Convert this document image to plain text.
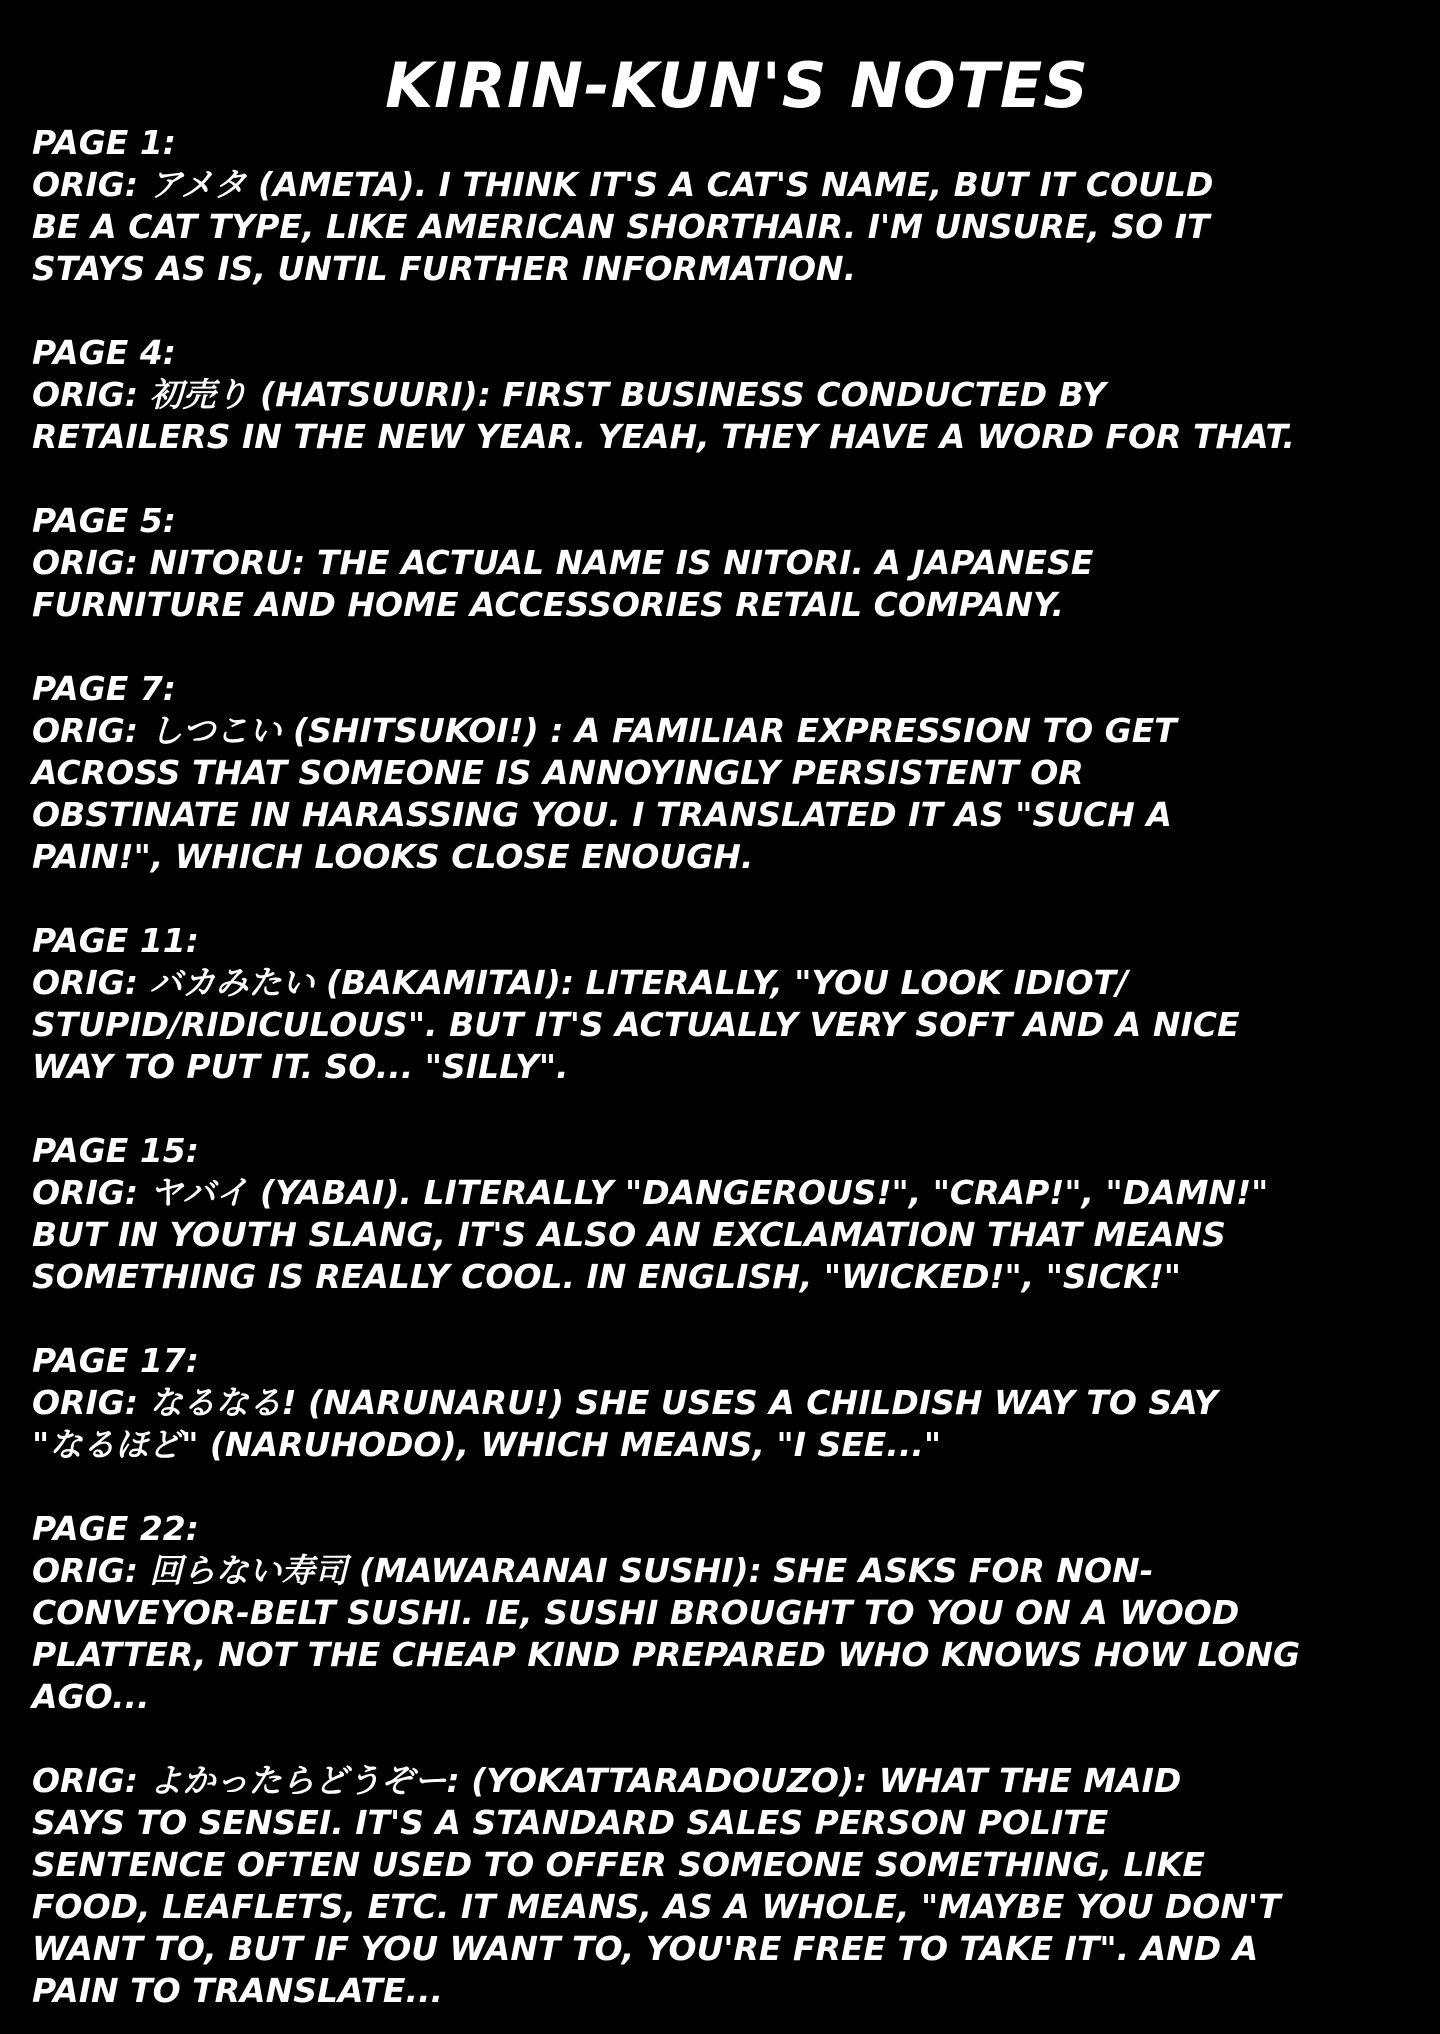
KIRIN-KUN'S NOTES
PAGE 1:
ORIG: アメタ (AMETA). I THINK IT'S A CAT'S NAME, BUT IT COULD
BE A CAT TYPE, LIKE AMERICAN SHORTHAIR. I'M UNSURE, SO IT
STAYS AS IS, UNTIL FURTHER INFORMATION.
PAGE 4:
ORIG: 初売り (HATSUURI): FIRST BUSINESS CONDUCTED BY
RETAILERS IN THE NEW YEAR. YEAH, THEY HAVE A WORD FOR THAT.
PAGE 5:
ORIG: NITORU: THE ACTUAL NAME IS NITORI. A JAPANESE
FURNITURE AND HOME ACCESSORIES RETAIL COMPANY.
PAGE 7:
ORIG: しつこい (SHITSUKOI!) : A FAMILIAR EXPRESSION TO GET
ACROSS THAT SOMEONE IS ANNOYINGLY PERSISTENT OR
OBSTINATE IN HARASSING YOU. I TRANSLATED IT AS "SUCH A
PAIN!", WHICH LOOKS CLOSE ENOUGH.
PAGE 11:
ORIG: バカみたい (BAKAMITAI): LITERALLY, "YOU LOOK IDIOT/
STUPID/RIDICULOUS". BUT IT'S ACTUALLY VERY SOFT AND A NICE
WAY TO PUT IT. SO... "SILLY".
PAGE 15:
ORIG: ヤバイ (YABAI). LITERALLY "DANGEROUS!", "CRAP!", "DAMN!"
BUT IN YOUTH SLANG, IT'S ALSO AN EXCLAMATION THAT MEANS
SOMETHING IS REALLY COOL. IN ENGLISH, "WICKED!", "SICK!"
PAGE 17:
ORIG: なるなる! (NARUNARU!) SHE USES A CHILDISH WAY TO SAY
"なるほど" (NARUHODO), WHICH MEANS, "I SEE..."
PAGE 22:
ORIG: 回らない寿司 (MAWARANAI SUSHI): SHE ASKS FOR NON-
CONVEYOR-BELT SUSHI. IE, SUSHI BROUGHT TO YOU ON A WOOD
PLATTER, NOT THE CHEAP KIND PREPARED WHO KNOWS HOW LONG
AGO...
ORIG: よかったらどうぞー: (YOKATTARADOUZO): WHAT THE MAID
SAYS TO SENSEI. IT'S A STANDARD SALES PERSON POLITE
SENTENCE OFTEN USED TO OFFER SOMEONE SOMETHING, LIKE
FOOD, LEAFLETS, ETC. IT MEANS, AS A WHOLE, "MAYBE YOU DON'T
WANT TO, BUT IF YOU WANT TO, YOU'RE FREE TO TAKE IT". AND A
PAIN TO TRANSLATE...
